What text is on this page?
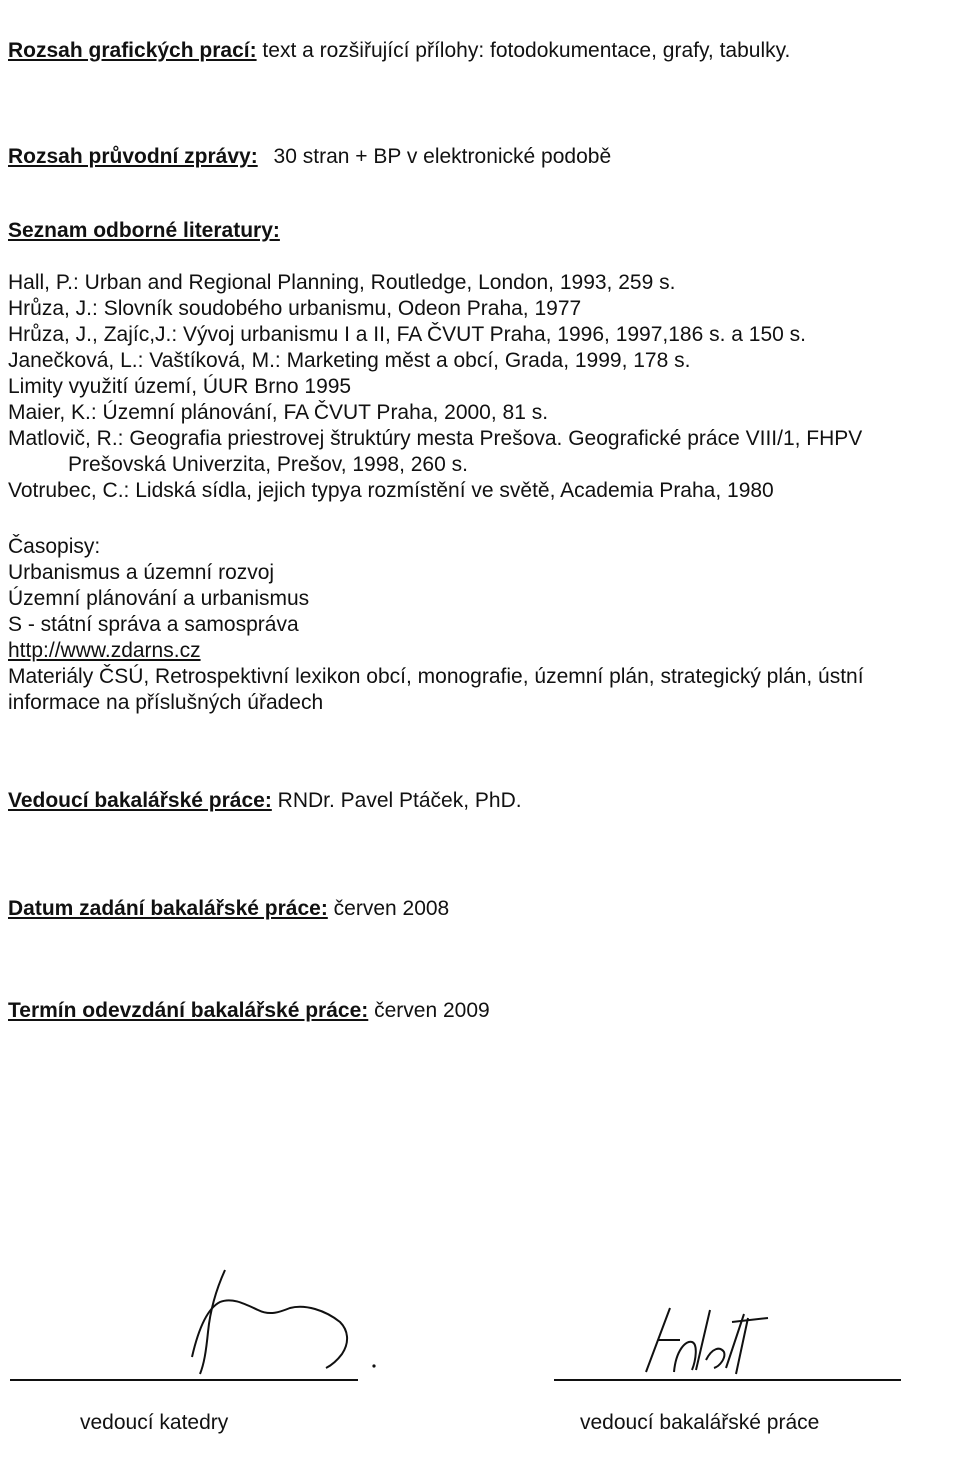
Rozsah grafických prací: text a rozšiřující přílohy: fotodokumentace, grafy, tabulky.
Rozsah průvodní zprávy: 30 stran + BP v elektronické podobě
Seznam odborné literatury:
Hall, P.: Urban and Regional Planning, Routledge, London, 1993, 259 s.
Hrůza, J.: Slovník soudobého urbanismu, Odeon Praha, 1977
Hrůza, J., Zajíc,J.: Vývoj urbanismu I a II, FA ČVUT Praha, 1996, 1997,186 s. a 150 s.
Janečková, L.: Vaštíková, M.: Marketing měst a obcí, Grada, 1999, 178 s.
Limity využití území, ÚUR Brno 1995
Maier, K.: Územní plánování, FA ČVUT Praha, 2000, 81 s.
Matlovič, R.: Geografia priestrovej štruktúry mesta Prešova. Geografické práce VIII/1, FHPV
Prešovská Univerzita, Prešov, 1998, 260 s.
Votrubec, C.: Lidská sídla, jejich typya rozmístění ve světě, Academia Praha, 1980
Časopisy:
Urbanismus a územní rozvoj
Územní plánování a urbanismus
S - státní správa a samospráva
http://www.zdarns.cz
Materiály ČSÚ, Retrospektivní lexikon obcí, monografie, územní plán, strategický plán, ústní
informace na příslušných úřadech
Vedoucí bakalářské práce: RNDr. Pavel Ptáček, PhD.
Datum zadání bakalářské práce: červen 2008
Termín odevzdání bakalářské práce: červen 2009
vedoucí katedry	vedoucí bakalářské práce
